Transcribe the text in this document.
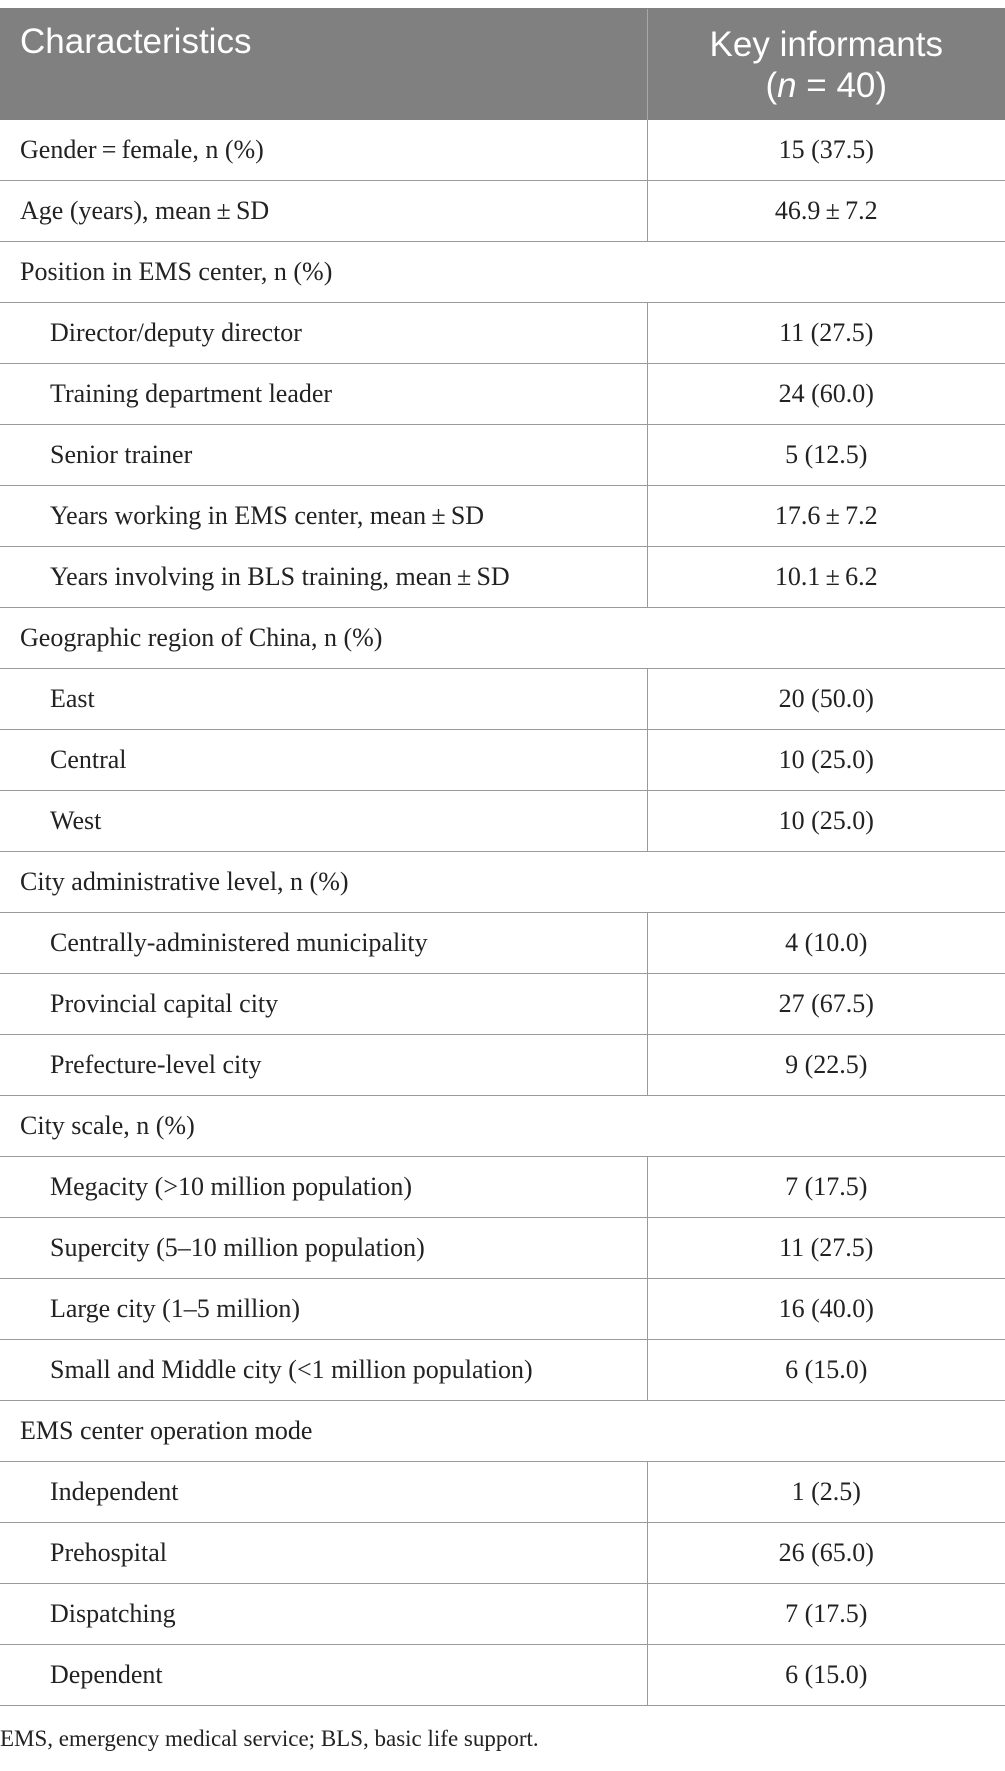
Characteristics	Key informants
(n = 40)
Gender = female, n (%)	15 (37.5)
Age (years), mean ± SD	46.9 ± 7.2
Position in EMS center, n (%)	
Director/deputy director	11 (27.5)
Training department leader	24 (60.0)
Senior trainer	5 (12.5)
Years working in EMS center, mean ± SD	17.6 ± 7.2
Years involving in BLS training, mean ± SD	10.1 ± 6.2
Geographic region of China, n (%)	
East	20 (50.0)
Central	10 (25.0)
West	10 (25.0)
City administrative level, n (%)	
Centrally-administered municipality	4 (10.0)
Provincial capital city	27 (67.5)
Prefecture-level city	9 (22.5)
City scale, n (%)	
Megacity (>10 million population)	7 (17.5)
Supercity (5–10 million population)	11 (27.5)
Large city (1–5 million)	16 (40.0)
Small and Middle city (<1 million population)	6 (15.0)
EMS center operation mode	
Independent	1 (2.5)
Prehospital	26 (65.0)
Dispatching	7 (17.5)
Dependent	6 (15.0)
EMS, emergency medical service; BLS, basic life support.
